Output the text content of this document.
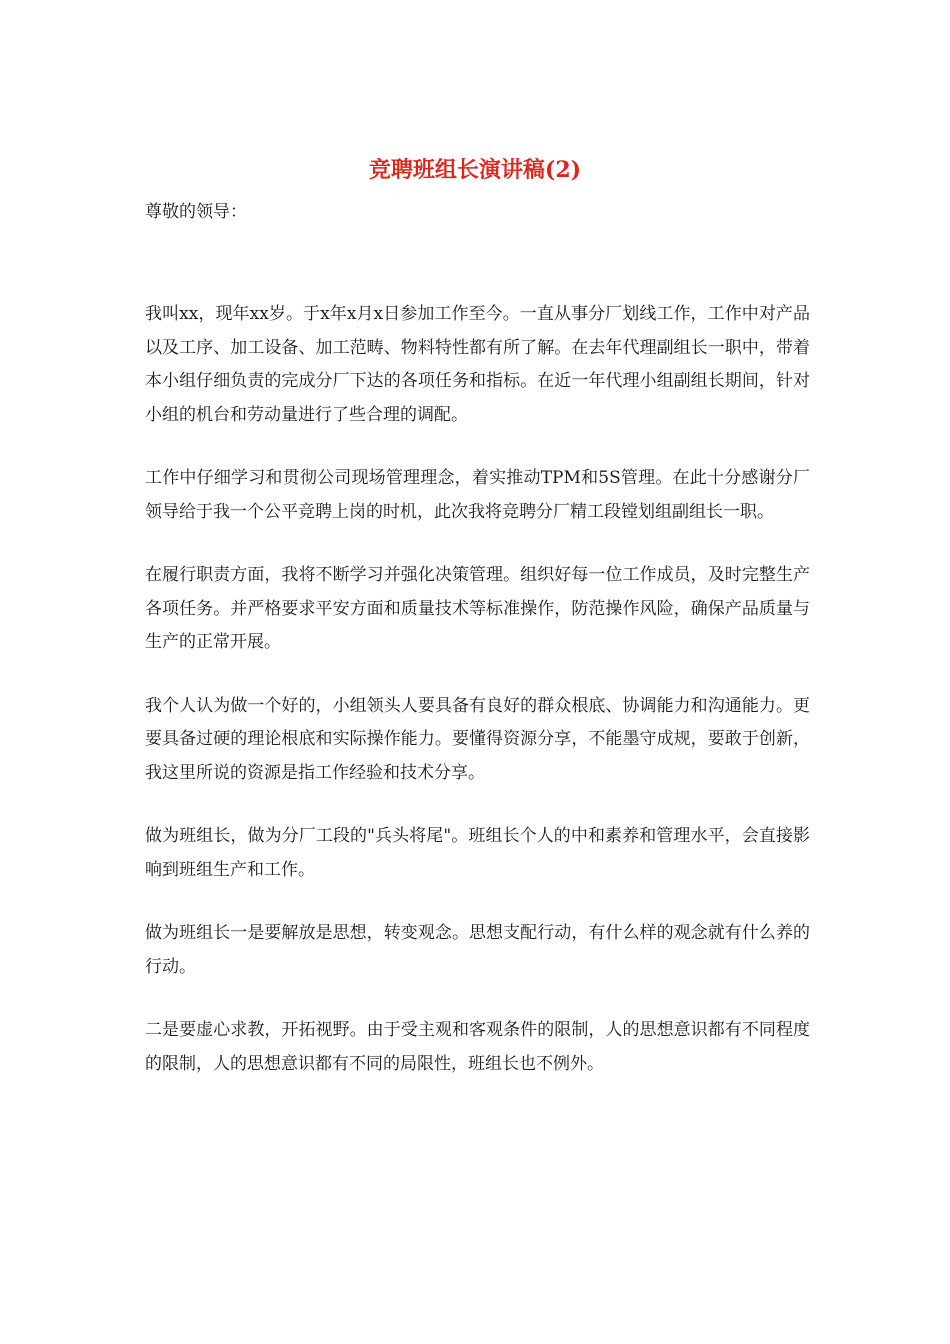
竞聘班组长演讲稿(2)

尊敬的领导：

我叫xx，现年xx岁。于x年x月x日参加工作至今。一直从事分厂划线工作，工作中对产品以及工序、加工设备、加工范畴、物料特性都有所了解。在去年代理副组长一职中，带着本小组仔细负责的完成分厂下达的各项任务和指标。在近一年代理小组副组长期间，针对小组的机台和劳动量进行了些合理的调配。

工作中仔细学习和贯彻公司现场管理理念，着实推动TPM和5S管理。在此十分感谢分厂领导给于我一个公平竞聘上岗的时机，此次我将竞聘分厂精工段镗划组副组长一职。

在履行职责方面，我将不断学习并强化决策管理。组织好每一位工作成员，及时完整生产各项任务。并严格要求平安方面和质量技术等标准操作，防范操作风险，确保产品质量与生产的正常开展。

我个人认为做一个好的，小组领头人要具备有良好的群众根底、协调能力和沟通能力。更要具备过硬的理论根底和实际操作能力。要懂得资源分享，不能墨守成规，要敢于创新，我这里所说的资源是指工作经验和技术分享。

做为班组长，做为分厂工段的"兵头将尾"。班组长个人的中和素养和管理水平，会直接影响到班组生产和工作。

做为班组长一是要解放是思想，转变观念。思想支配行动，有什么样的观念就有什么养的行动。

二是要虚心求教，开拓视野。由于受主观和客观条件的限制，人的思想意识都有不同程度的限制，人的思想意识都有不同的局限性，班组长也不例外。
